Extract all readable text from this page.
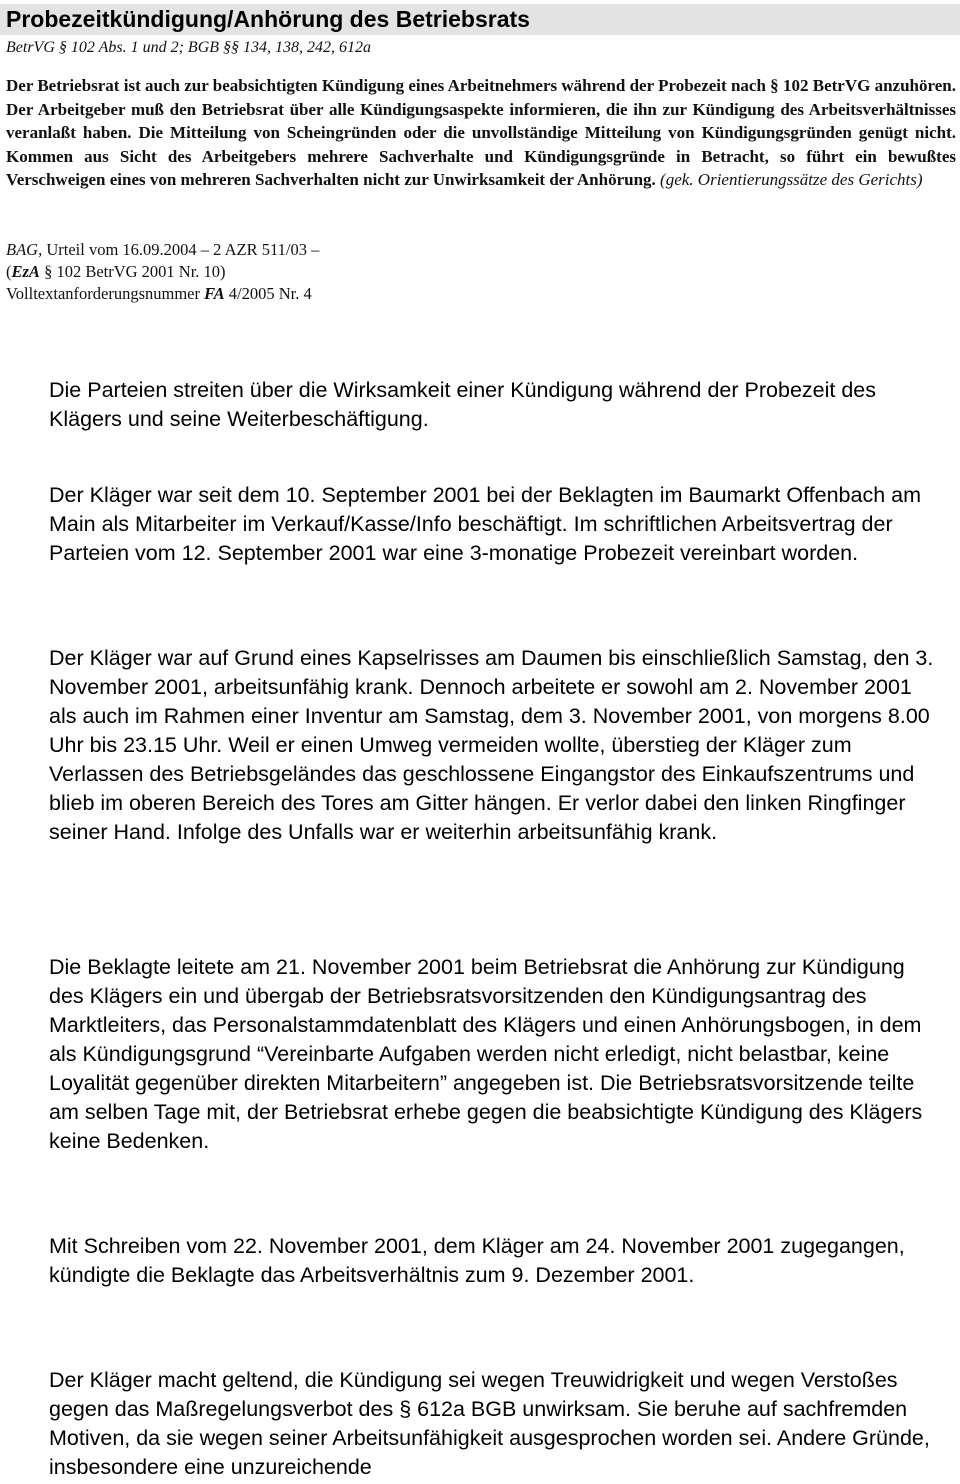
Probezeitkündigung/Anhörung des Betriebsrats
BetrVG § 102 Abs. 1 und 2; BGB §§ 134, 138, 242, 612a
Der Betriebsrat ist auch zur beabsichtigten Kündigung eines Arbeitnehmers während der Probezeit nach § 102 BetrVG anzuhören. Der Arbeitgeber muß den Betriebsrat über alle Kündigungsaspekte informieren, die ihn zur Kündigung des Arbeitsverhältnisses veranlaßt haben. Die Mitteilung von Scheingründen oder die unvollständige Mitteilung von Kündigungsgründen genügt nicht. Kommen aus Sicht des Arbeitgebers mehrere Sachverhalte und Kündigungsgründe in Betracht, so führt ein bewußtes Verschweigen eines von mehreren Sachverhalten nicht zur Unwirksamkeit der Anhörung. (gek. Orientierungssätze des Gerichts)
BAG, Urteil vom 16.09.2004 – 2 AZR 511/03 –
(EzA § 102 BetrVG 2001 Nr. 10)
Volltextanforderungsnummer FA 4/2005 Nr. 4

Die Parteien streiten über die Wirksamkeit einer Kündigung während der Probezeit des Klägers und seine Weiterbeschäftigung.

Der Kläger war seit dem 10. September 2001 bei der Beklagten im Baumarkt Offenbach am Main als Mitarbeiter im Verkauf/Kasse/Info beschäftigt. Im schriftlichen Arbeitsvertrag der Parteien vom 12. September 2001 war eine 3-monatige Probezeit vereinbart worden.

Der Kläger war auf Grund eines Kapselrisses am Daumen bis einschließlich Samstag, den 3. November 2001, arbeitsunfähig krank. Dennoch arbeitete er sowohl am 2. November 2001 als auch im Rahmen einer Inventur am Samstag, dem 3. November 2001, von morgens 8.00 Uhr bis 23.15 Uhr. Weil er einen Umweg vermeiden wollte, überstieg der Kläger zum Verlassen des Betriebsgeländes das geschlossene Eingangstor des Einkaufszentrums und blieb im oberen Bereich des Tores am Gitter hängen. Er verlor dabei den linken Ringfinger seiner Hand. Infolge des Unfalls war er weiterhin arbeitsunfähig krank.

Die Beklagte leitete am 21. November 2001 beim Betriebsrat die Anhörung zur Kündigung des Klägers ein und übergab der Betriebsratsvorsitzenden den Kündigungsantrag des Marktleiters, das Personalstammdatenblatt des Klägers und einen Anhörungsbogen, in dem als Kündigungsgrund “Vereinbarte Aufgaben werden nicht erledigt, nicht belastbar, keine Loyalität gegenüber direkten Mitarbeitern” angegeben ist. Die Betriebsratsvorsitzende teilte am selben Tage mit, der Betriebsrat erhebe gegen die beabsichtigte Kündigung des Klägers keine Bedenken.

Mit Schreiben vom 22. November 2001, dem Kläger am 24. November 2001 zugegangen, kündigte die Beklagte das Arbeitsverhältnis zum 9. Dezember 2001.

Der Kläger macht geltend, die Kündigung sei wegen Treuwidrigkeit und wegen Verstoßes gegen das Maßregelungsverbot des § 612a BGB unwirksam. Sie beruhe auf sachfremden Motiven, da sie wegen seiner Arbeitsunfähigkeit ausgesprochen worden sei. Andere Gründe, insbesondere eine unzureichende
